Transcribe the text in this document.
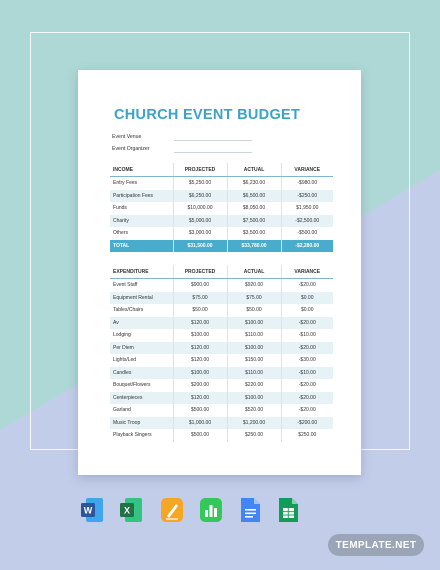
CHURCH EVENT BUDGET
Event Venue
Event Organizer
INCOME	PROJECTED	ACTUAL	VARIANCE
Entry Fees	$5,250.00	$6,230.00	-$980.00
Participation Fees	$6,250.00	$6,500.00	-$250.00
Funds	$10,000.00	$8,050.00	$1,950.00
Charity	$5,000.00	$7,500.00	-$2,500.00
Others	$3,000.00	$3,500.00	-$500.00
TOTAL	$31,500.00	$33,780.00	-$2,280.00
EXPENDITURE	PROJECTED	ACTUAL	VARIANCE
Event Staff	$900.00	$920.00	-$20.00
Equipment Rental	$75.00	$75.00	$0.00
Tables/Chairs	$50.00	$50.00	$0.00
Av	$120.00	$100.00	-$20.00
Lodging	$100.00	$110.00	-$10.00
Per Diem	$120.00	$100.00	-$20.00
Lights/Led	$120.00	$150.00	-$30.00
Candles	$100.00	$110.00	-$10.00
Bouquet/Flowers	$200.00	$220.00	-$20.00
Centerpieces	$120.00	$100.00	-$20.00
Garland	$500.00	$520.00	-$20.00
Music Troop	$1,000.00	$1,200.00	-$200.00
Playback Singers	$500.00	$250.00	$250.00
W	X
TEMPLATE.NET
